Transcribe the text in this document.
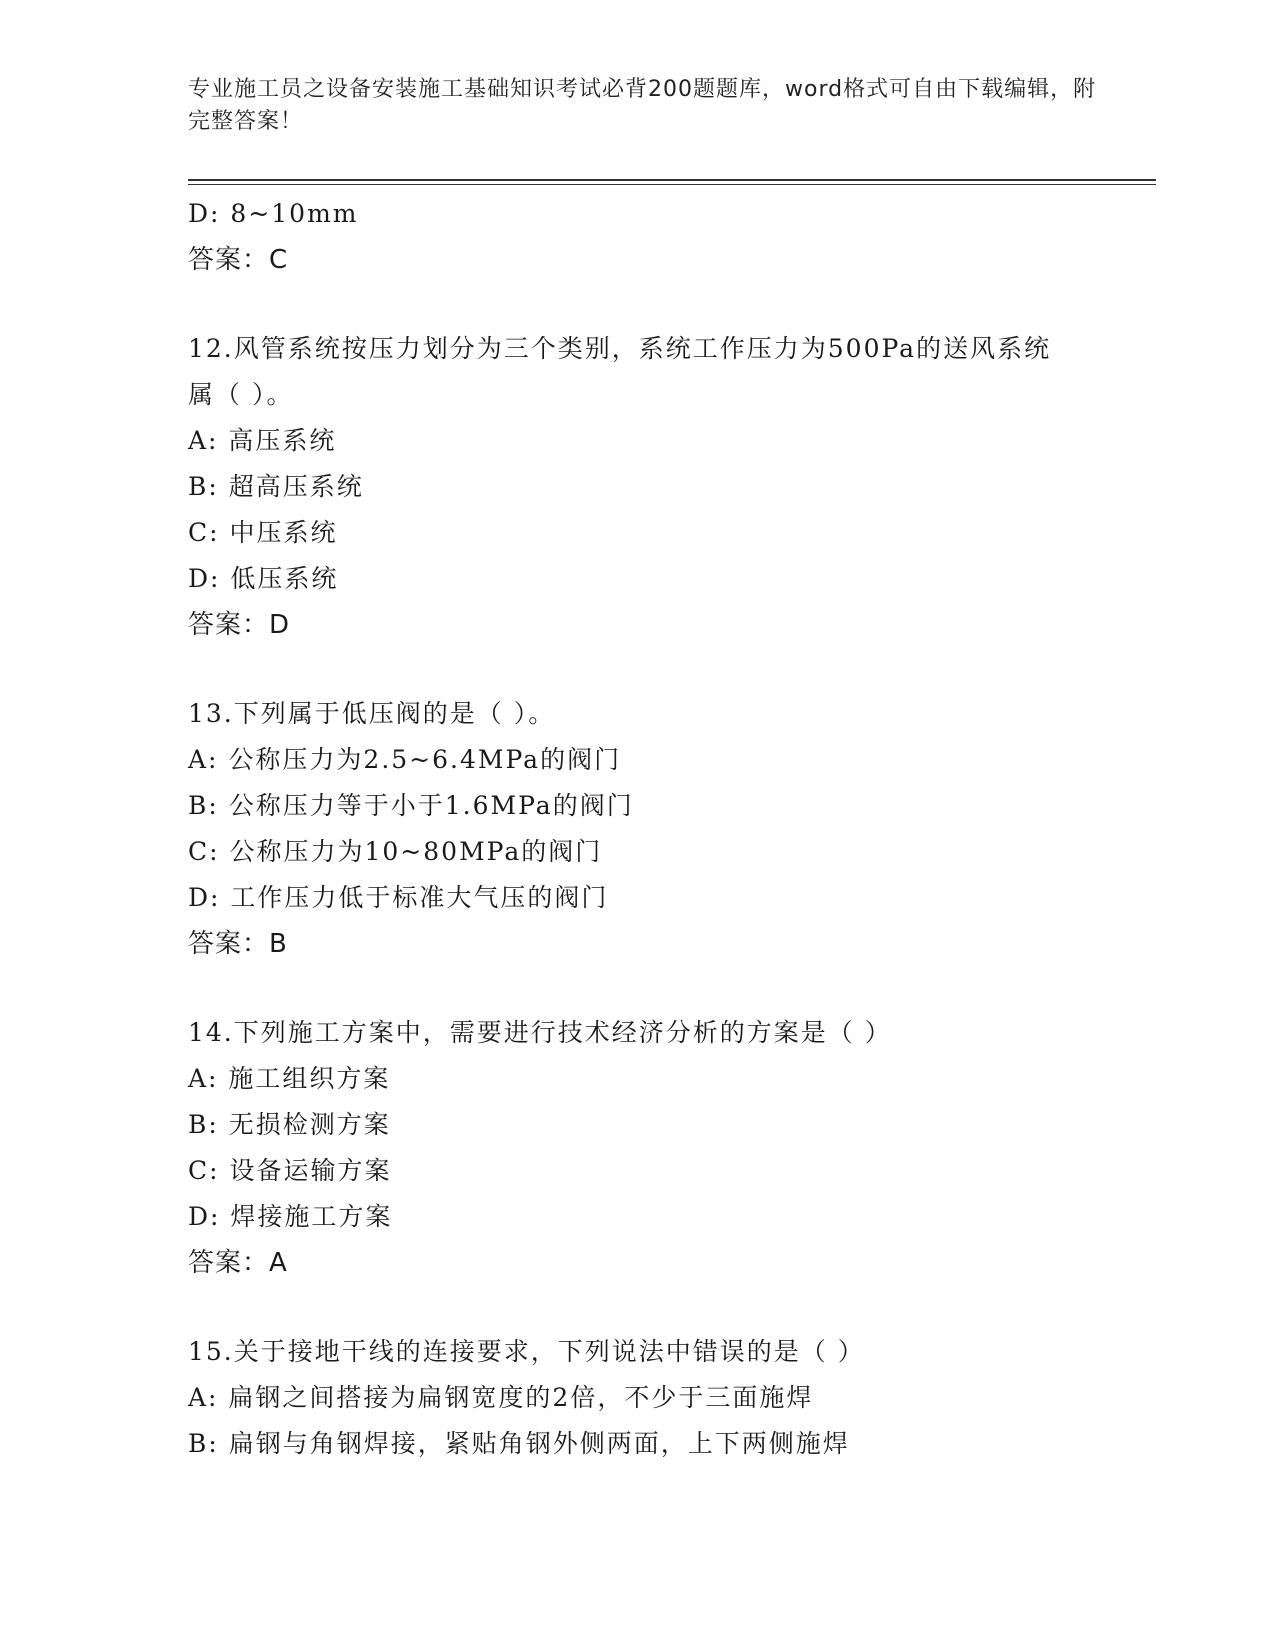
专业施工员之设备安装施工基础知识考试必背200题题库，word格式可自由下载编辑，附完整答案！
D: 8~10mm
答案：C
12.风管系统按压力划分为三个类别，系统工作压力为500Pa的送风系统属（ ）。
A: 高压系统
B: 超高压系统
C: 中压系统
D: 低压系统
答案：D
13.下列属于低压阀的是（ ）。
A: 公称压力为2.5~6.4MPa的阀门
B: 公称压力等于小于1.6MPa的阀门
C: 公称压力为10~80MPa的阀门
D: 工作压力低于标准大气压的阀门
答案：B
14.下列施工方案中，需要进行技术经济分析的方案是（ ）
A: 施工组织方案
B: 无损检测方案
C: 设备运输方案
D: 焊接施工方案
答案：A
15.关于接地干线的连接要求，下列说法中错误的是（ ）
A: 扁钢之间搭接为扁钢宽度的2倍，不少于三面施焊
B: 扁钢与角钢焊接，紧贴角钢外侧两面，上下两侧施焊
